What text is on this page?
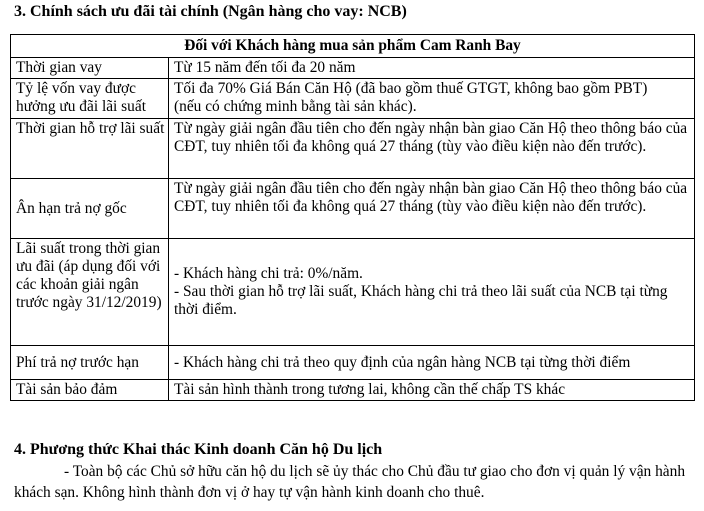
3. Chính sách ưu đãi tài chính (Ngân hàng cho vay: NCB)
Đối với Khách hàng mua sản phẩm Cam Ranh Bay	
Thời gian vay	Từ 15 năm đến tối đa 20 năm

Tỷ lệ vốn vay được hưởng ưu đãi lãi suất	Tối đa 70% Giá Bán Căn Hộ (đã bao gồm thuế GTGT, không bao gồm PBT)
(nếu có chứng minh bằng tài sản khác).

Thời gian hỗ trợ lãi suất	Từ ngày giải ngân đầu tiên cho đến ngày nhận bàn giao Căn Hộ theo thông báo của CĐT, tuy nhiên tối đa không quá 27 tháng (tùy vào điều kiện nào đến trước).

Ân hạn trả nợ gốc	Từ ngày giải ngân đầu tiên cho đến ngày nhận bàn giao Căn Hộ theo thông báo của CĐT, tuy nhiên tối đa không quá 27 tháng (tùy vào điều kiện nào đến trước).

Lãi suất trong thời gian ưu đãi (áp dụng đối với các khoản giải ngân trước ngày 31/12/2019)	- Khách hàng chi trả: 0%/năm.
- Sau thời gian hỗ trợ lãi suất, Khách hàng chi trả theo lãi suất của NCB tại từng thời điểm.

Phí trả nợ trước hạn	- Khách hàng chi trả theo quy định của ngân hàng NCB tại từng thời điểm

Tài sản bảo đảm	Tài sản hình thành trong tương lai, không cần thế chấp TS khác
4. Phương thức Khai thác Kinh doanh Căn hộ Du lịch
- Toàn bộ các Chủ sở hữu căn hộ du lịch sẽ ủy thác cho Chủ đầu tư giao cho đơn vị quản lý vận hành khách sạn. Không hình thành đơn vị ở hay tự vận hành kinh doanh cho thuê.
